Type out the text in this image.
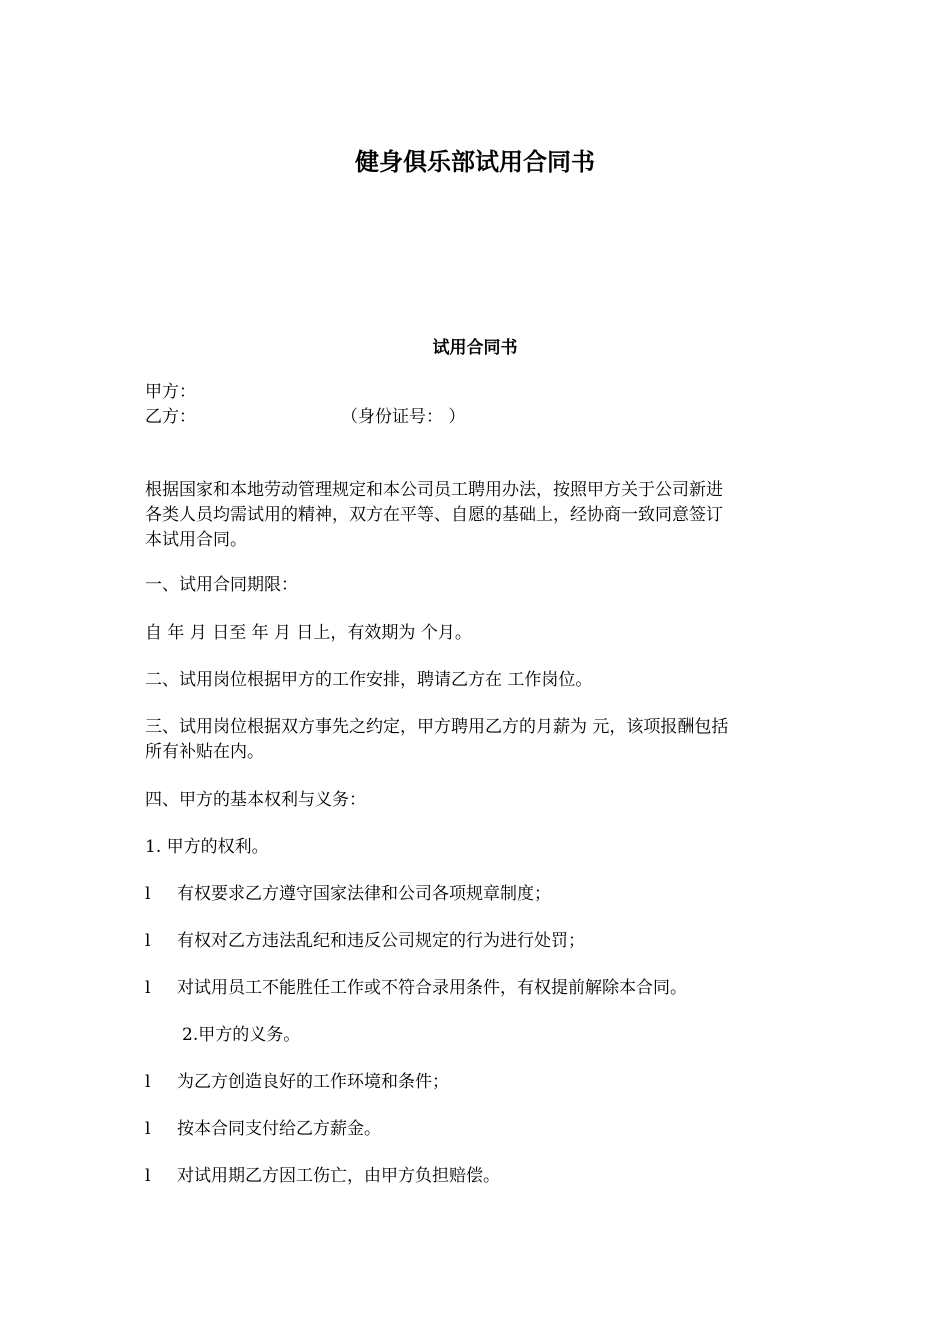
健身俱乐部试用合同书
试用合同书
甲方：
乙方：	（身份证号： ）
根据国家和本地劳动管理规定和本公司员工聘用办法，按照甲方关于公司新进
各类人员均需试用的精神，双方在平等、自愿的基础上，经协商一致同意签订
本试用合同。
一、试用合同期限：
自 年 月 日至 年 月 日上，有效期为 个月。
二、试用岗位根据甲方的工作安排，聘请乙方在 工作岗位。
三、试用岗位根据双方事先之约定，甲方聘用乙方的月薪为 元，该项报酬包括
所有补贴在内。
四、甲方的基本权利与义务：
1. 甲方的权利。
l 有权要求乙方遵守国家法律和公司各项规章制度；
l 有权对乙方违法乱纪和违反公司规定的行为进行处罚；
l 对试用员工不能胜任工作或不符合录用条件，有权提前解除本合同。
2.甲方的义务。
l 为乙方创造良好的工作环境和条件；
l 按本合同支付给乙方薪金。
l 对试用期乙方因工伤亡，由甲方负担赔偿。
